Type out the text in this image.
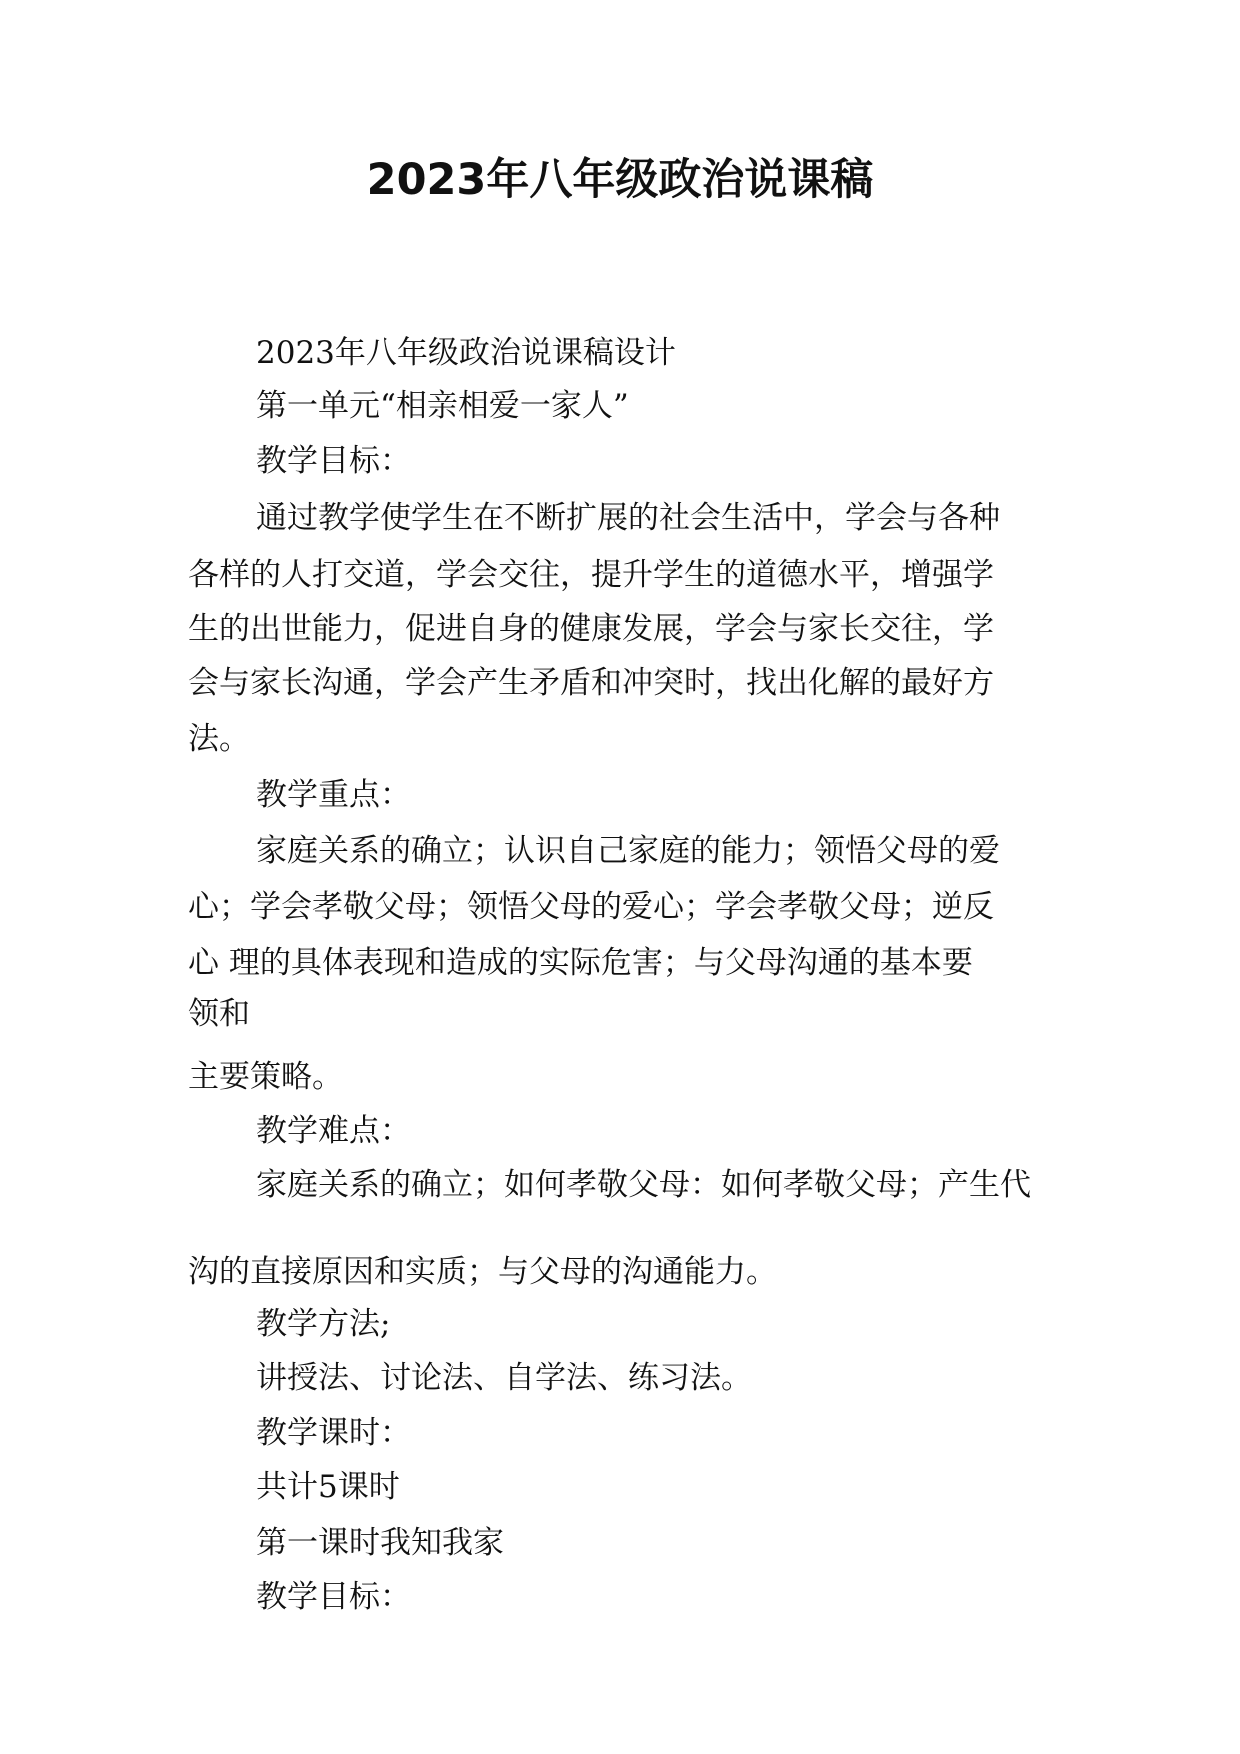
2023年八年级政治说课稿

2023年八年级政治说课稿设计

第一单元“相亲相爱一家人”

教学目标：

通过教学使学生在不断扩展的社会生活中，学会与各种

各样的人打交道，学会交往，提升学生的道德水平，增强学

生的出世能力，促进自身的健康发展，学会与家长交往，学

会与家长沟通，学会产生矛盾和冲突时，找出化解的最好方

法。

教学重点：

家庭关系的确立；认识自己家庭的能力；领悟父母的爱

心；学会孝敬父母；领悟父母的爱心；学会孝敬父母；逆反

心 理的具体表现和造成的实际危害；与父母沟通的基本要

领和

主要策略。

教学难点：

家庭关系的确立；如何孝敬父母：如何孝敬父母；产生代

沟的直接原因和实质；与父母的沟通能力。

教学方法;

讲授法、讨论法、自学法、练习法。

教学课时：

共计5课时

第一课时我知我家

教学目标：
